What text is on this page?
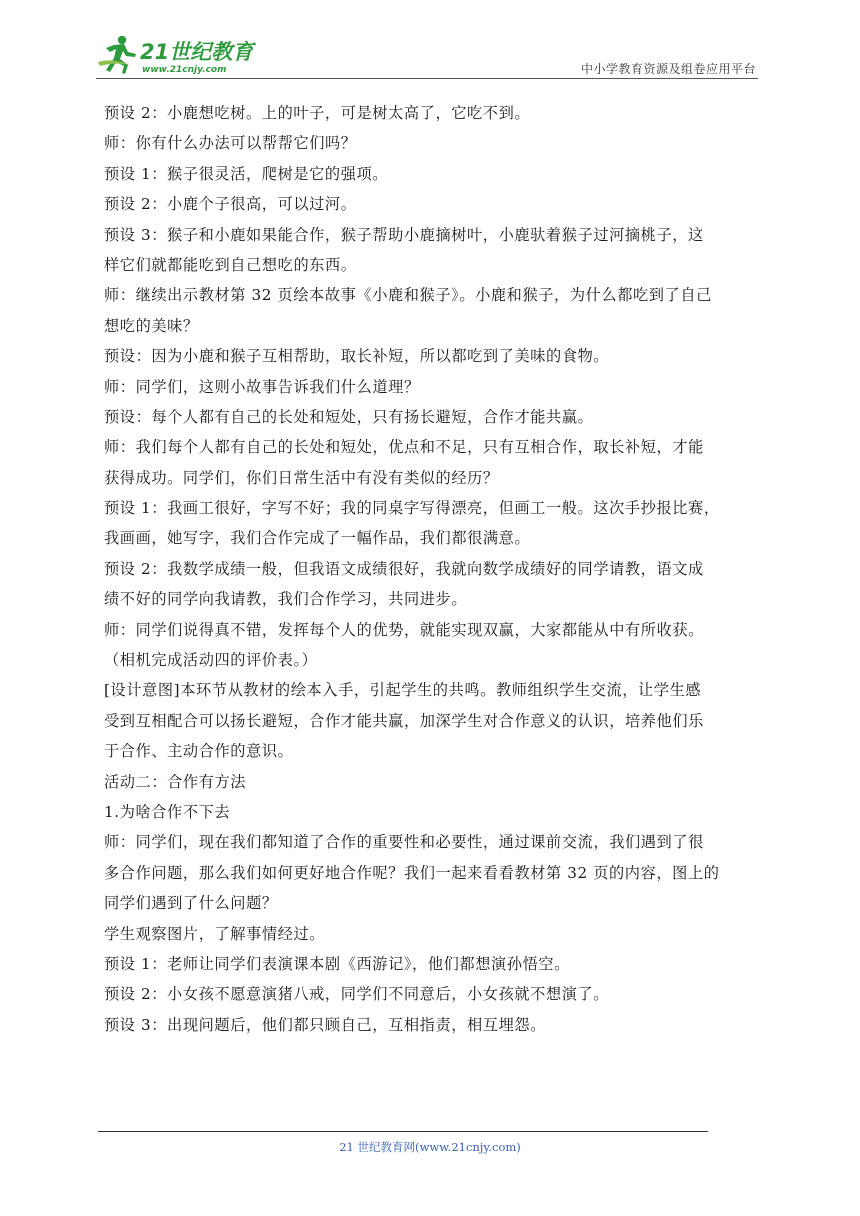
21世纪教育
www.21cnjy.com	中小学教育资源及组卷应用平台
预设 2：小鹿想吃树。上的叶子，可是树太高了，它吃不到。
师：你有什么办法可以帮帮它们吗？
预设 1：猴子很灵活，爬树是它的强项。
预设 2：小鹿个子很高，可以过河。
预设 3：猴子和小鹿如果能合作，猴子帮助小鹿摘树叶，小鹿驮着猴子过河摘桃子，这
样它们就都能吃到自己想吃的东西。
师：继续出示教材第 32 页绘本故事《小鹿和猴子》。小鹿和猴子，为什么都吃到了自己
想吃的美味？
预设：因为小鹿和猴子互相帮助，取长补短，所以都吃到了美味的食物。
师：同学们，这则小故事告诉我们什么道理？
预设：每个人都有自己的长处和短处，只有扬长避短，合作才能共赢。
师：我们每个人都有自己的长处和短处，优点和不足，只有互相合作，取长补短，才能
获得成功。同学们，你们日常生活中有没有类似的经历？
预设 1：我画工很好，字写不好；我的同桌字写得漂亮，但画工一般。这次手抄报比赛，
我画画，她写字，我们合作完成了一幅作品，我们都很满意。
预设 2：我数学成绩一般，但我语文成绩很好，我就向数学成绩好的同学请教，语文成
绩不好的同学向我请教，我们合作学习，共同进步。
师：同学们说得真不错，发挥每个人的优势，就能实现双赢，大家都能从中有所收获。
（相机完成活动四的评价表。）
[设计意图]本环节从教材的绘本入手，引起学生的共鸣。教师组织学生交流，让学生感
受到互相配合可以扬长避短，合作才能共赢，加深学生对合作意义的认识，培养他们乐
于合作、主动合作的意识。
活动二：合作有方法
1.为啥合作不下去
师：同学们，现在我们都知道了合作的重要性和必要性，通过课前交流，我们遇到了很
多合作问题，那么我们如何更好地合作呢？我们一起来看看教材第 32 页的内容，图上的
同学们遇到了什么问题？
学生观察图片，了解事情经过。
预设 1：老师让同学们表演课本剧《西游记》，他们都想演孙悟空。
预设 2：小女孩不愿意演猪八戒，同学们不同意后，小女孩就不想演了。
预设 3：出现问题后，他们都只顾自己，互相指责，相互埋怨。
21 世纪教育网(www.21cnjy.com)
